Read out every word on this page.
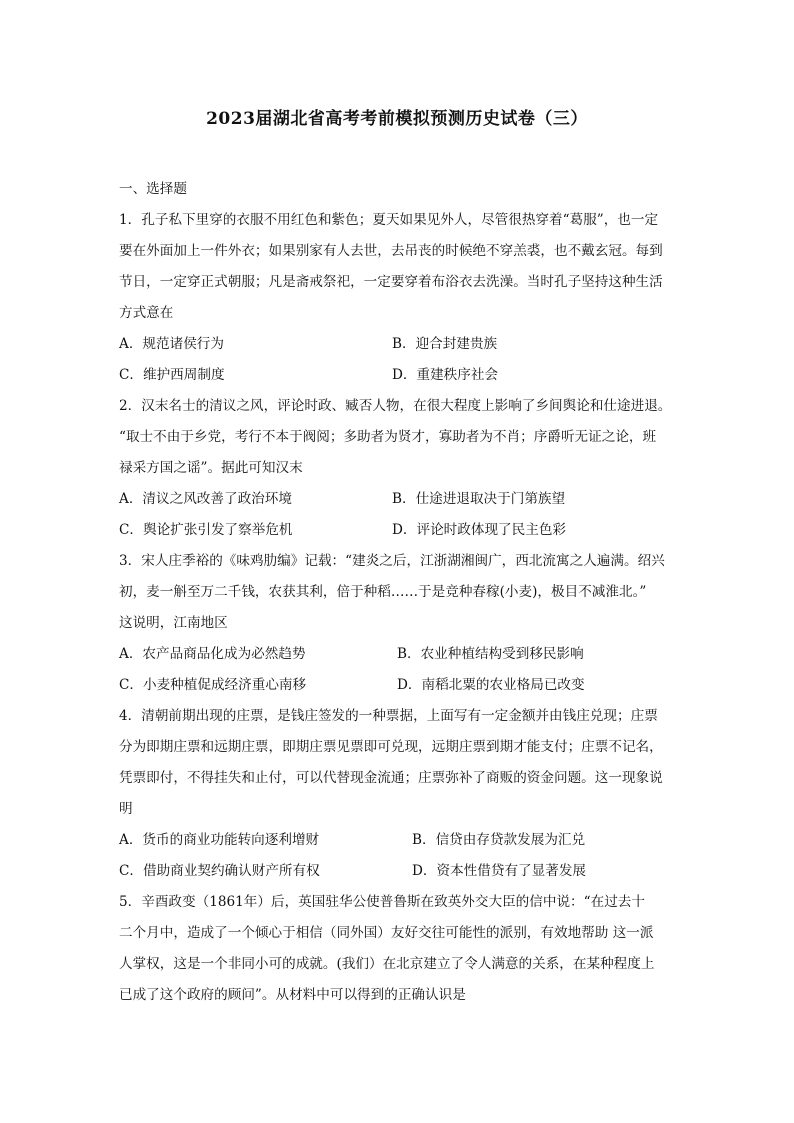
2023届湖北省高考考前模拟预测历史试卷（三）
一、选择题
1．孔子私下里穿的衣服不用红色和紫色；夏天如果见外人，尽管很热穿着“葛服”，也一定
要在外面加上一件外衣；如果别家有人去世，去吊丧的时候绝不穿羔裘，也不戴玄冠。每到
节日，一定穿正式朝服；凡是斋戒祭祀，一定要穿着布浴衣去洗澡。当时孔子坚持这种生活
方式意在
A．规范诸侯行为	B．迎合封建贵族
C．维护西周制度	D．重建秩序社会
2．汉末名士的清议之风，评论时政、臧否人物，在很大程度上影响了乡间舆论和仕途进退。
“取士不由于乡党，考行不本于阀阅；多助者为贤才，寡助者为不肖；序爵听无证之论，班
禄采方国之谣”。据此可知汉末
A．清议之风改善了政治环境	B．仕途进退取决于门第族望
C．舆论扩张引发了察举危机	D．评论时政体现了民主色彩
3．宋人庄季裕的《味鸡肋编》记载：“建炎之后，江浙湖湘闽广，西北流寓之人遍满。绍兴
初，麦一斛至万二千钱，农获其利，倍于种稻……于是竞种春稼(小麦)，极目不减淮北。”
这说明，江南地区
A．农产品商品化成为必然趋势	B．农业种植结构受到移民影响
C．小麦种植促成经济重心南移	D．南稻北粟的农业格局已改变
4．清朝前期出现的庄票，是钱庄签发的一种票据，上面写有一定金额并由钱庄兑现；庄票
分为即期庄票和远期庄票，即期庄票见票即可兑现，远期庄票到期才能支付；庄票不记名，
凭票即付，不得挂失和止付，可以代替现金流通；庄票弥补了商贩的资金问题。这一现象说
明
A．货币的商业功能转向逐利增财	B．信贷由存贷款发展为汇兑
C．借助商业契约确认财产所有权	D．资本性借贷有了显著发展
5．辛酉政变（1861年）后，英国驻华公使普鲁斯在致英外交大臣的信中说：“在过去十
二个月中，造成了一个倾心于相信（同外国）友好交往可能性的派别，有效地帮助 这一派
人掌权，这是一个非同小可的成就。(我们）在北京建立了令人满意的关系，在某种程度上
已成了这个政府的顾问”。从材料中可以得到的正确认识是
